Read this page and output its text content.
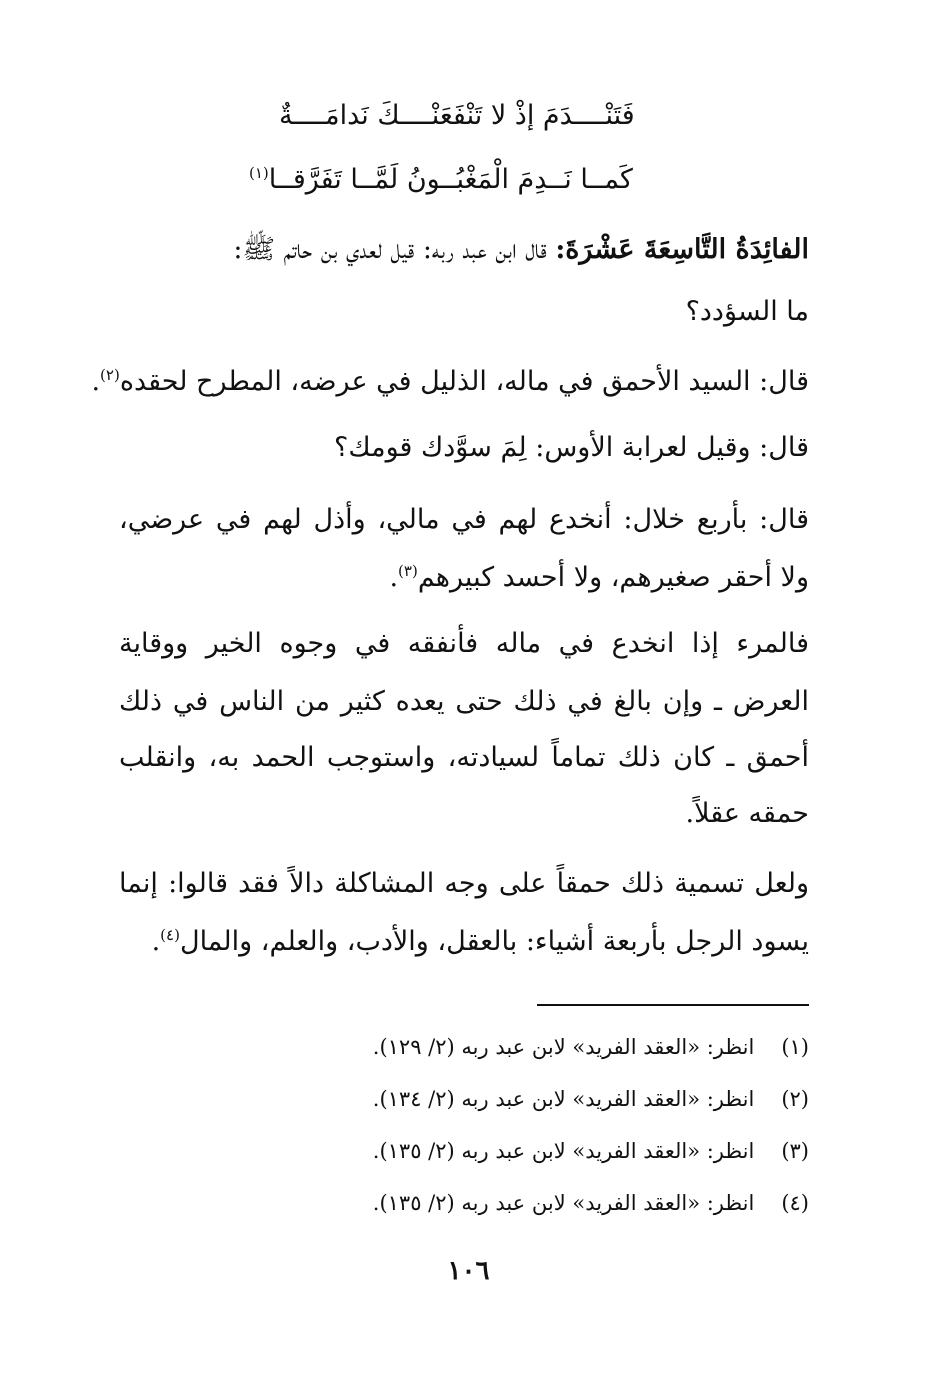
فَتَنْــــدَمَ إذْ لا تَنْفَعَنْــــكَ نَدامَــــةٌ
كَمــا نَــدِمَ الْمَغْبُــونُ لَمَّــا تَفَرَّقــا$^{(١)}$
الفائِدَةُ التَّاسِعَةَ عَشْرَةَ: قال ابن عبد ربه: قيل لعدي بن حاتم ﷺ:
ما السؤدد؟
قال: السيد الأحمق في ماله، الذليل في عرضه، المطرح لحقده$^{(٢)}$.
قال: وقيل لعرابة الأوس: لِمَ سوَّدك قومك؟
قال: بأربع خلال: أنخدع لهم في مالي، وأذل لهم في عرضي،
ولا أحقر صغيرهم، ولا أحسد كبيرهم$^{(٣)}$.
فالمرء إذا انخدع في ماله فأنفقه في وجوه الخير ووقاية
العرض ـ وإن بالغ في ذلك حتى يعده كثير من الناس في ذلك
أحمق ـ كان ذلك تماماً لسيادته، واستوجب الحمد به، وانقلب
حمقه عقلاً.
ولعل تسمية ذلك حمقاً على وجه المشاكلة دالاً فقد قالوا: إنما
يسود الرجل بأربعة أشياء: بالعقل، والأدب، والعلم، والمال$^{(٤)}$.
(١) انظر: «العقد الفريد» لابن عبد ربه (٢/ ١٢٩).
(٢) انظر: «العقد الفريد» لابن عبد ربه (٢/ ١٣٤).
(٣) انظر: «العقد الفريد» لابن عبد ربه (٢/ ١٣٥).
(٤) انظر: «العقد الفريد» لابن عبد ربه (٢/ ١٣٥).
١٠٦
